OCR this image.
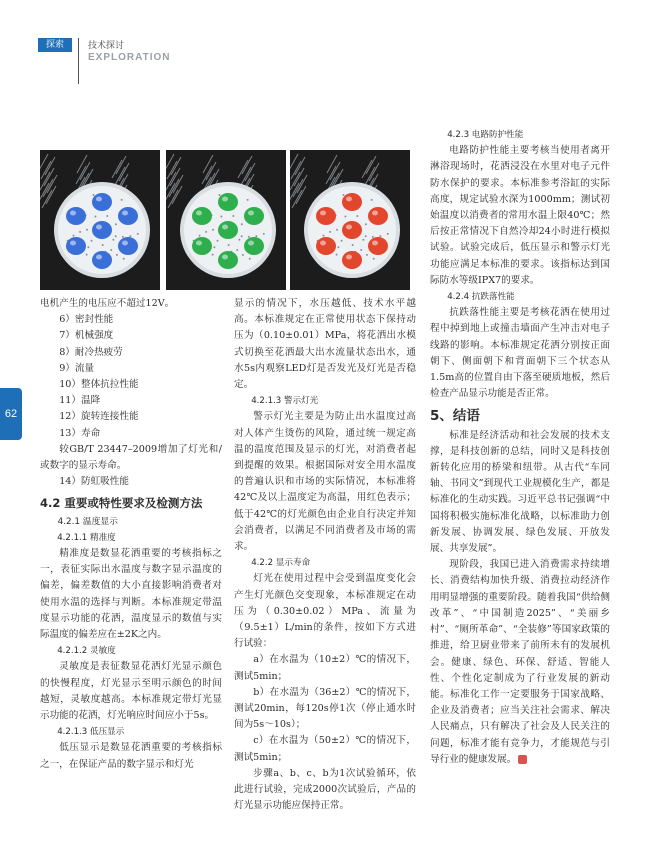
探索	技术探讨
EXPLORATION
62

电机产生的电压应不超过12V。

6）密封性能

7）机械强度

8）耐冷热疲劳

9）流量

10）整体抗拉性能

11）温降

12）旋转连接性能

13）寿命

较GB/T 23447–2009增加了灯光和/或数字的显示寿命。

14）防虹吸性能

4.2 重要或特性要求及检测方法

4.2.1 温度显示

4.2.1.1 精准度

精准度是数显花洒重要的考核指标之一，表征实际出水温度与数字显示温度的偏差，偏差数值的大小直接影响消费者对使用水温的选择与判断。本标准规定带温度显示功能的花洒，温度显示的数值与实际温度的偏差应在±2K之内。

4.2.1.2 灵敏度

灵敏度是表征数显花洒灯光显示颜色的快慢程度，灯光显示至明示颜色的时间越短，灵敏度越高。本标准规定带灯光显示功能的花洒，灯光响应时间应小于5s。

4.2.1.3 低压显示

低压显示是数显花洒重要的考核指标之一，在保证产品的数字显示和灯光

显示的情况下，水压越低、技术水平越高。本标准规定在正常使用状态下保持动压为（0.10±0.01）MPa，将花洒出水模式切换至花洒最大出水流量状态出水，通水5s内观察LED灯是否发光及灯光是否稳定。

4.2.1.3 警示灯光

警示灯光主要是为防止出水温度过高对人体产生烫伤的风险，通过统一规定高温的温度范围及显示的灯光，对消费者起到提醒的效果。根据国际对安全用水温度的普遍认识和市场的实际情况，本标准将42℃及以上温度定为高温，用红色表示；低于42℃的灯光颜色由企业自行决定并知会消费者，以满足不同消费者及市场的需求。

4.2.2 显示寿命

灯光在使用过程中会受到温度变化会产生灯光颜色交变现象，本标准规定在动压为（0.30±0.02）MPa、流量为（9.5±1）L/min的条件，按如下方式进行试验：

a）在水温为（10±2）℃的情况下，测试5min；

b）在水温为（36±2）℃的情况下，测试20min，每120s停1次（停止通水时间为5s～10s）；

c）在水温为（50±2）℃的情况下，测试5min；

步骤a、b、c、b为1次试验循环，依此进行试验，完成2000次试验后，产品的灯光显示功能应保持正常。

4.2.3 电路防护性能

电路防护性能主要考核当使用者离开淋浴现场时，花洒浸没在水里对电子元件防水保护的要求。本标准参考浴缸的实际高度，规定试验水深为1000mm；测试初始温度以消费者的常用水温上限40℃；然后按正常情况下自然冷却24小时进行模拟试验。试验完成后，低压显示和警示灯光功能应满足本标准的要求。该指标达到国际防水等级IPX7的要求。

4.2.4 抗跌落性能

抗跌落性能主要是考核花洒在使用过程中掉到地上或撞击墙面产生冲击对电子线路的影响。本标准规定花洒分别按正面朝下、侧面朝下和背面朝下三个状态从1.5m高的位置自由下落至硬质地板，然后检查产品显示功能是否正常。

5、结语

标准是经济活动和社会发展的技术支撑，是科技创新的总结，同时又是科技创新转化应用的桥梁和纽带。从古代“车同轴、书同文”到现代工业规模化生产，都是标准化的生动实践。习近平总书记强调“中国将积极实施标准化战略，以标准助力创新发展、协调发展、绿色发展、开放发展、共享发展”。

现阶段，我国已进入消费需求持续增长、消费结构加快升级、消费拉动经济作用明显增强的重要阶段。随着我国“供给侧改革”、“中国制造2025”、“美丽乡村”、“厕所革命”、“全装修”等国家政策的推进，给卫厨业带来了前所未有的发展机会。健康、绿色、环保、舒适、智能人性、个性化定制成为了行业发展的新动能。标准化工作一定要服务于国家战略、企业及消费者；应当关注社会需求、解决人民痛点，只有解决了社会及人民关注的问题，标准才能有竞争力，才能规范与引导行业的健康发展。
